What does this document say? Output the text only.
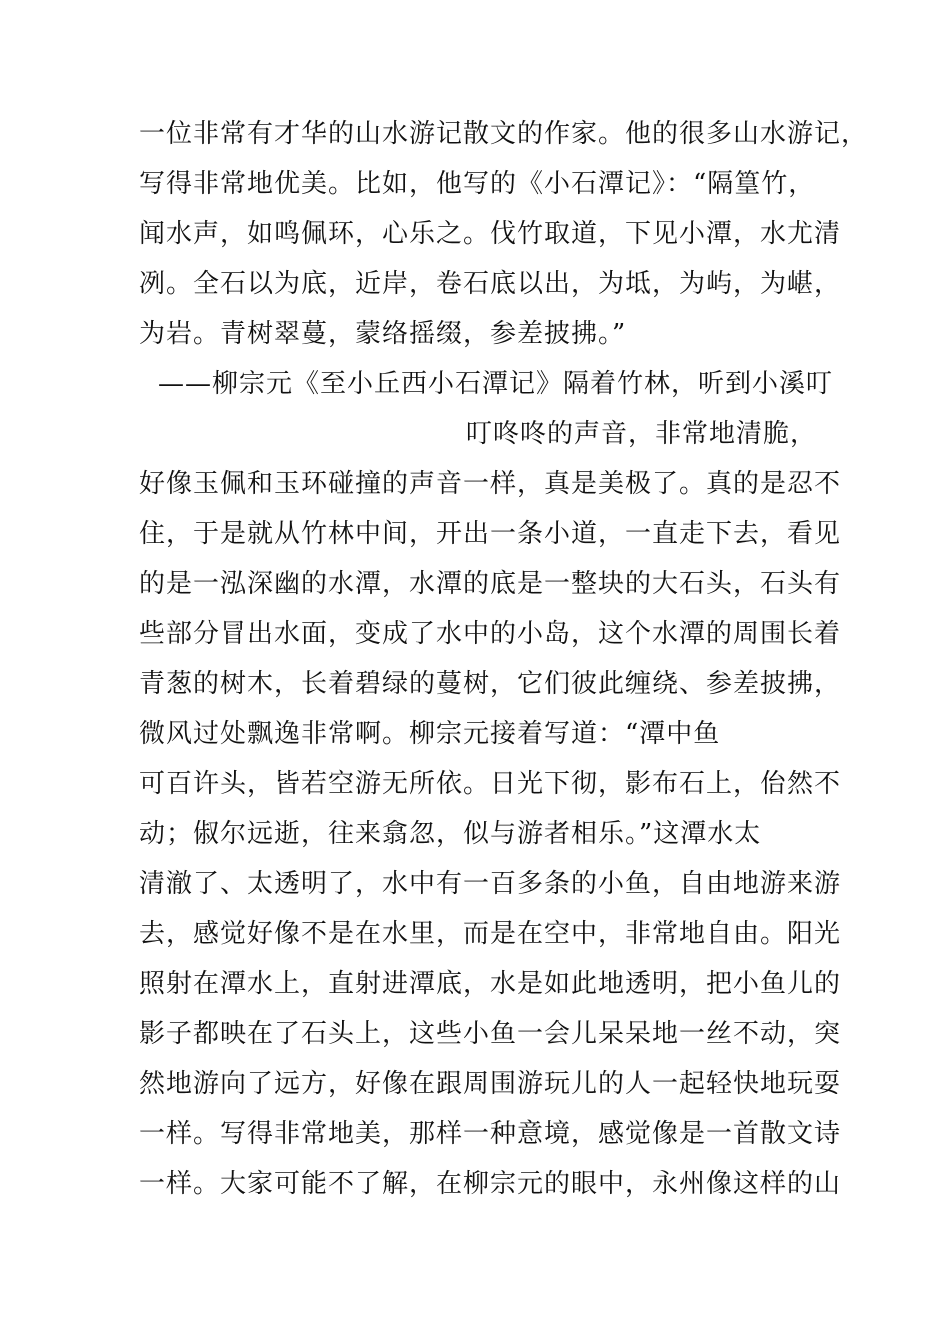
一位非常有才华的山水游记散文的作家。他的很多山水游记，
写得非常地优美。比如，他写的《小石潭记》：“隔篁竹，
闻水声，如鸣佩环，心乐之。伐竹取道，下见小潭，水尤清
冽。全石以为底，近岸，卷石底以出，为坻，为屿，为嵁，
为岩。青树翠蔓，蒙络摇缀，参差披拂。”
——柳宗元《至小丘西小石潭记》隔着竹林，听到小溪叮
叮咚咚的声音，非常地清脆，
好像玉佩和玉环碰撞的声音一样，真是美极了。真的是忍不
住，于是就从竹林中间，开出一条小道，一直走下去，看见
的是一泓深幽的水潭，水潭的底是一整块的大石头，石头有
些部分冒出水面，变成了水中的小岛，这个水潭的周围长着
青葱的树木，长着碧绿的蔓树，它们彼此缠绕、参差披拂，
微风过处飘逸非常啊。柳宗元接着写道：“潭中鱼
可百许头，皆若空游无所依。日光下彻，影布石上，佁然不
动；俶尔远逝，往来翕忽，似与游者相乐。”这潭水太
清澈了、太透明了，水中有一百多条的小鱼，自由地游来游
去，感觉好像不是在水里，而是在空中，非常地自由。阳光
照射在潭水上，直射进潭底，水是如此地透明，把小鱼儿的
影子都映在了石头上，这些小鱼一会儿呆呆地一丝不动，突
然地游向了远方，好像在跟周围游玩儿的人一起轻快地玩耍
一样。写得非常地美，那样一种意境，感觉像是一首散文诗
一样。大家可能不了解，在柳宗元的眼中，永州像这样的山
